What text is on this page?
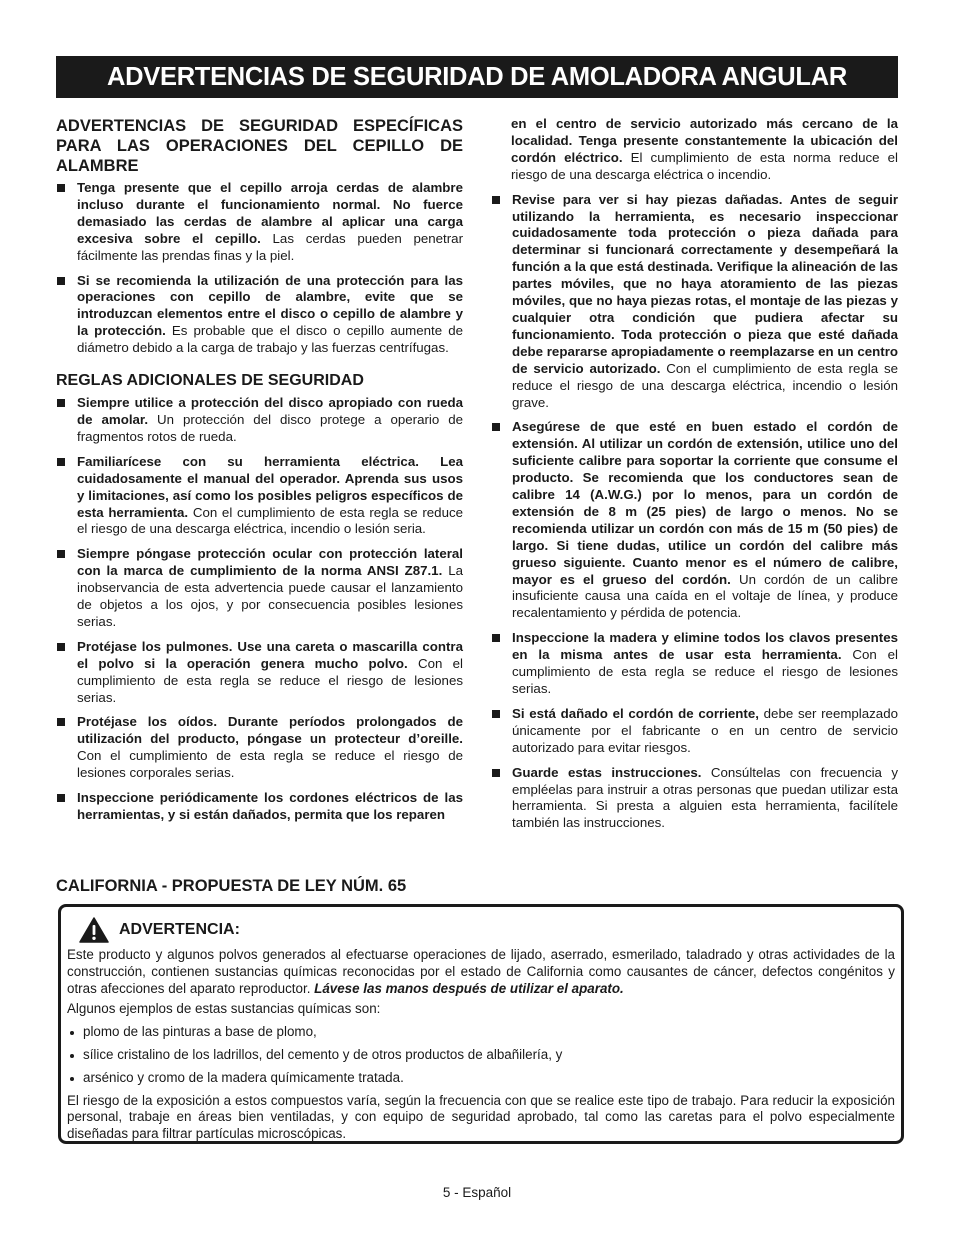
ADVERTENCIAS DE SEGURIDAD DE AMOLADORA ANGULAR
ADVERTENCIAS DE SEGURIDAD ESPECÍFICAS PARA LAS OPERACIONES DEL CEPILLO DE ALAMBRE
Tenga presente que el cepillo arroja cerdas de alambre incluso durante el funcionamiento normal. No fuerce demasiado las cerdas de alambre al aplicar una carga excesiva sobre el cepillo. Las cerdas pueden penetrar fácilmente las prendas finas y la piel.
Si se recomienda la utilización de una protección para las operaciones con cepillo de alambre, evite que se introduzcan elementos entre el disco o cepillo de alambre y la protección. Es probable que el disco o cepillo aumente de diámetro debido a la carga de trabajo y las fuerzas centrífugas.
REGLAS ADICIONALES DE SEGURIDAD
Siempre utilice a protección del disco apropiado con rueda de amolar. Un protección del disco protege a operario de fragmentos rotos de rueda.
Familiarícese con su herramienta eléctrica. Lea cuidadosamente el manual del operador. Aprenda sus usos y limitaciones, así como los posibles peligros específicos de esta herramienta. Con el cumplimiento de esta regla se reduce el riesgo de una descarga eléctrica, incendio o lesión seria.
Siempre póngase protección ocular con protección lateral con la marca de cumplimiento de la norma ANSI Z87.1. La inobservancia de esta advertencia puede causar el lanzamiento de objetos a los ojos, y por consecuencia posibles lesiones serias.
Protéjase los pulmones. Use una careta o mascarilla contra el polvo si la operación genera mucho polvo. Con el cumplimiento de esta regla se reduce el riesgo de lesiones serias.
Protéjase los oídos. Durante períodos prolongados de utilización del producto, póngase un protecteur d’oreille. Con el cumplimiento de esta regla se reduce el riesgo de lesiones corporales serias.
Inspeccione periódicamente los cordones eléctricos de las herramientas, y si están dañados, permita que los reparen
en el centro de servicio autorizado más cercano de la localidad. Tenga presente constantemente la ubicación del cordón eléctrico. El cumplimiento de esta norma reduce el riesgo de una descarga eléctrica o incendio.
Revise para ver si hay piezas dañadas. Antes de seguir utilizando la herramienta, es necesario inspeccionar cuidadosamente toda protección o pieza dañada para determinar si funcionará correctamente y desempeñará la función a la que está destinada. Verifique la alineación de las partes móviles, que no haya atoramiento de las piezas móviles, que no haya piezas rotas, el montaje de las piezas y cualquier otra condición que pudiera afectar su funcionamiento. Toda protección o pieza que esté dañada debe repararse apropiadamente o reemplazarse en un centro de servicio autorizado. Con el cumplimiento de esta regla se reduce el riesgo de una descarga eléctrica, incendio o lesión grave.
Asegúrese de que esté en buen estado el cordón de extensión. Al utilizar un cordón de extensión, utilice uno del suficiente calibre para soportar la corriente que consume el producto. Se recomienda que los conductores sean de calibre 14 (A.W.G.) por lo menos, para un cordón de extensión de 8 m (25 pies) de largo o menos. No se recomienda utilizar un cordón con más de 15 m (50 pies) de largo. Si tiene dudas, utilice un cordón del calibre más grueso siguiente. Cuanto menor es el número de calibre, mayor es el grueso del cordón. Un cordón de un calibre insuficiente causa una caída en el voltaje de línea, y produce recalentamiento y pérdida de potencia.
Inspeccione la madera y elimine todos los clavos presentes en la misma antes de usar esta herramienta. Con el cumplimiento de esta regla se reduce el riesgo de lesiones serias.
Si está dañado el cordón de corriente, debe ser reemplazado únicamente por el fabricante o en un centro de servicio autorizado para evitar riesgos.
Guarde estas instrucciones. Consúltelas con frecuencia y empléelas para instruir a otras personas que puedan utilizar esta herramienta. Si presta a alguien esta herramienta, facilítele también las instrucciones.
CALIFORNIA - PROPUESTA DE LEY NÚM. 65
ADVERTENCIA:

Este producto y algunos polvos generados al efectuarse operaciones de lijado, aserrado, esmerilado, taladrado y otras actividades de la construcción, contienen sustancias químicas reconocidas por el estado de California como causantes de cáncer, defectos congénitos y otras afecciones del aparato reproductor. Lávese las manos después de utilizar el aparato.

Algunos ejemplos de estas sustancias químicas son:

plomo de las pinturas a base de plomo,
sílice cristalino de los ladrillos, del cemento y de otros productos de albañilería, y
arsénico y cromo de la madera químicamente tratada.

El riesgo de la exposición a estos compuestos varía, según la frecuencia con que se realice este tipo de trabajo. Para reducir la exposición personal, trabaje en áreas bien ventiladas, y con equipo de seguridad aprobado, tal como las caretas para el polvo especialmente diseñadas para filtrar partículas microscópicas.

5 - Español
